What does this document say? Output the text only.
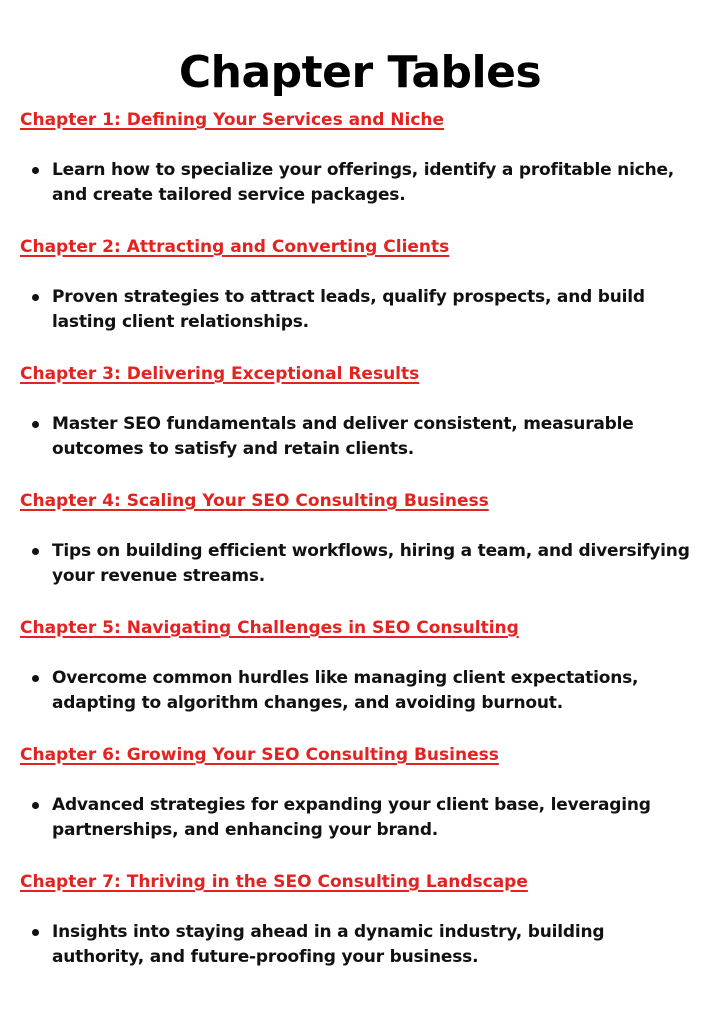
Chapter Tables
Chapter 1: Defining Your Services and Niche
Learn how to specialize your offerings, identify a profitable niche, and create tailored service packages.
Chapter 2: Attracting and Converting Clients
Proven strategies to attract leads, qualify prospects, and build lasting client relationships.
Chapter 3: Delivering Exceptional Results
Master SEO fundamentals and deliver consistent, measurable outcomes to satisfy and retain clients.
Chapter 4: Scaling Your SEO Consulting Business
Tips on building efficient workflows, hiring a team, and diversifying your revenue streams.
Chapter 5: Navigating Challenges in SEO Consulting
Overcome common hurdles like managing client expectations, adapting to algorithm changes, and avoiding burnout.
Chapter 6: Growing Your SEO Consulting Business
Advanced strategies for expanding your client base, leveraging partnerships, and enhancing your brand.
Chapter 7: Thriving in the SEO Consulting Landscape
Insights into staying ahead in a dynamic industry, building authority, and future-proofing your business.
